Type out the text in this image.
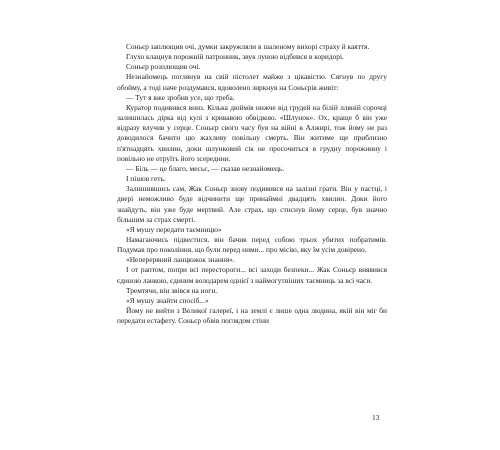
Соньєр заплющив очі, думки закружляли в шаленому вихорі страху й каяття.

Глухо клацнув порожній патронник, звук луною відбився в коридорі.

Соньєр розплющив очі.

Незнайомець поглянув на свій пістолет майже з цікавістю. Сягнув по другу обойму, а тоді наче роздумався, вдоволено зиркнув на Соньєрів живіт:

— Тут я вже зробив усе, що треба.

Куратор подивився вниз. Кілька дюймів нижче від грудей на білій лляній сорочці залишилась дірка від кулі з кривавою обвідкою. «Шлунок». Ох, краще б він уже відразу влучив у серце. Соньєр свого часу був на війні в Алжирі, тож йому не раз доводилося бачити цю жахливу повільну смерть. Він житиме ще приблизно п'ятнадцять хвилин, доки шлунковий сік не просочиться в грудну порожнину і повільно не отруїть його зсередини.

— Біль — це благо, месьє, — сказав незнайомець.

І пішов геть.

Залишившись сам, Жак Соньєр знову подивився на залізні грати. Він у пастці, і двері неможливо буде відчинити ще принаймні двадцять хвилин. Доки його знайдуть, він уже буде мертвий. Але страх, що стиснув йому серце, був значно більшим за страх смерті.

«Я мушу передати таємницю»

Намагаючись підвестися, він бачив перед собою трьох убитих побратимів. Подумав про покоління, що були перед ними... про місію, яку їм усім довірено.

«Неперервний ланцюжок знання».

І от раптом, попри всі перестороги... всі заходи безпеки... Жак Соньєр виявився єдиною ланкою, єдиним володарем однієї з наймогутніших таємниць за всі часи.

Тремтячи, він звівся на ноги.

«Я мушу знайти спосіб...»

Йому не вийти з Великої галереї, і на землі є лише одна людина, якій він міг би передати естафету. Соньєр обвів поглядом стіни

13
